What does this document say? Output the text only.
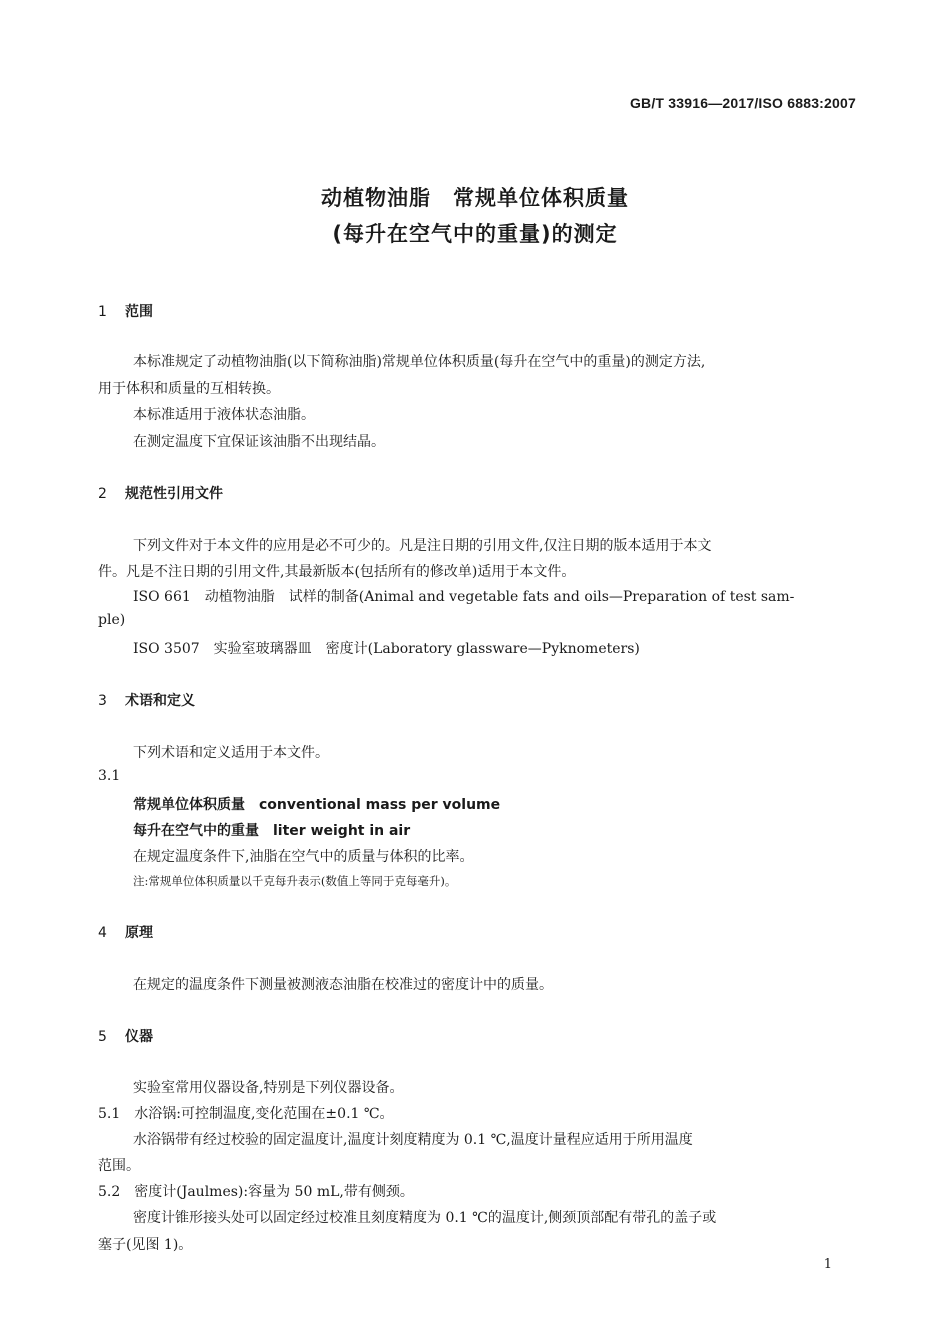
GB/T 33916—2017/ISO 6883:2007
动植物油脂　常规单位体积质量
(每升在空气中的重量)的测定
1 范围
本标准规定了动植物油脂(以下简称油脂)常规单位体积质量(每升在空气中的重量)的测定方法,
用于体积和质量的互相转换。
本标准适用于液体状态油脂。
在测定温度下宜保证该油脂不出现结晶。
2 规范性引用文件
下列文件对于本文件的应用是必不可少的。凡是注日期的引用文件,仅注日期的版本适用于本文
件。凡是不注日期的引用文件,其最新版本(包括所有的修改单)适用于本文件。
ISO 661　动植物油脂　试样的制备(Animal and vegetable fats and oils—Preparation of test sam-
ple)
ISO 3507　实验室玻璃器皿　密度计(Laboratory glassware—Pyknometers)
3 术语和定义
下列术语和定义适用于本文件。
3.1
常规单位体积质量 conventional mass per volume
每升在空气中的重量 liter weight in air
在规定温度条件下,油脂在空气中的质量与体积的比率。
注:常规单位体积质量以千克每升表示(数值上等同于克每毫升)。
4 原理
在规定的温度条件下测量被测液态油脂在校准过的密度计中的质量。
5 仪器
实验室常用仪器设备,特别是下列仪器设备。
5.1　水浴锅:可控制温度,变化范围在±0.1 ℃。
水浴锅带有经过校验的固定温度计,温度计刻度精度为 0.1 ℃,温度计量程应适用于所用温度
范围。
5.2　密度计(Jaulmes):容量为 50 mL,带有侧颈。
密度计锥形接头处可以固定经过校准且刻度精度为 0.1 ℃的温度计,侧颈顶部配有带孔的盖子或
塞子(见图 1)。
1
